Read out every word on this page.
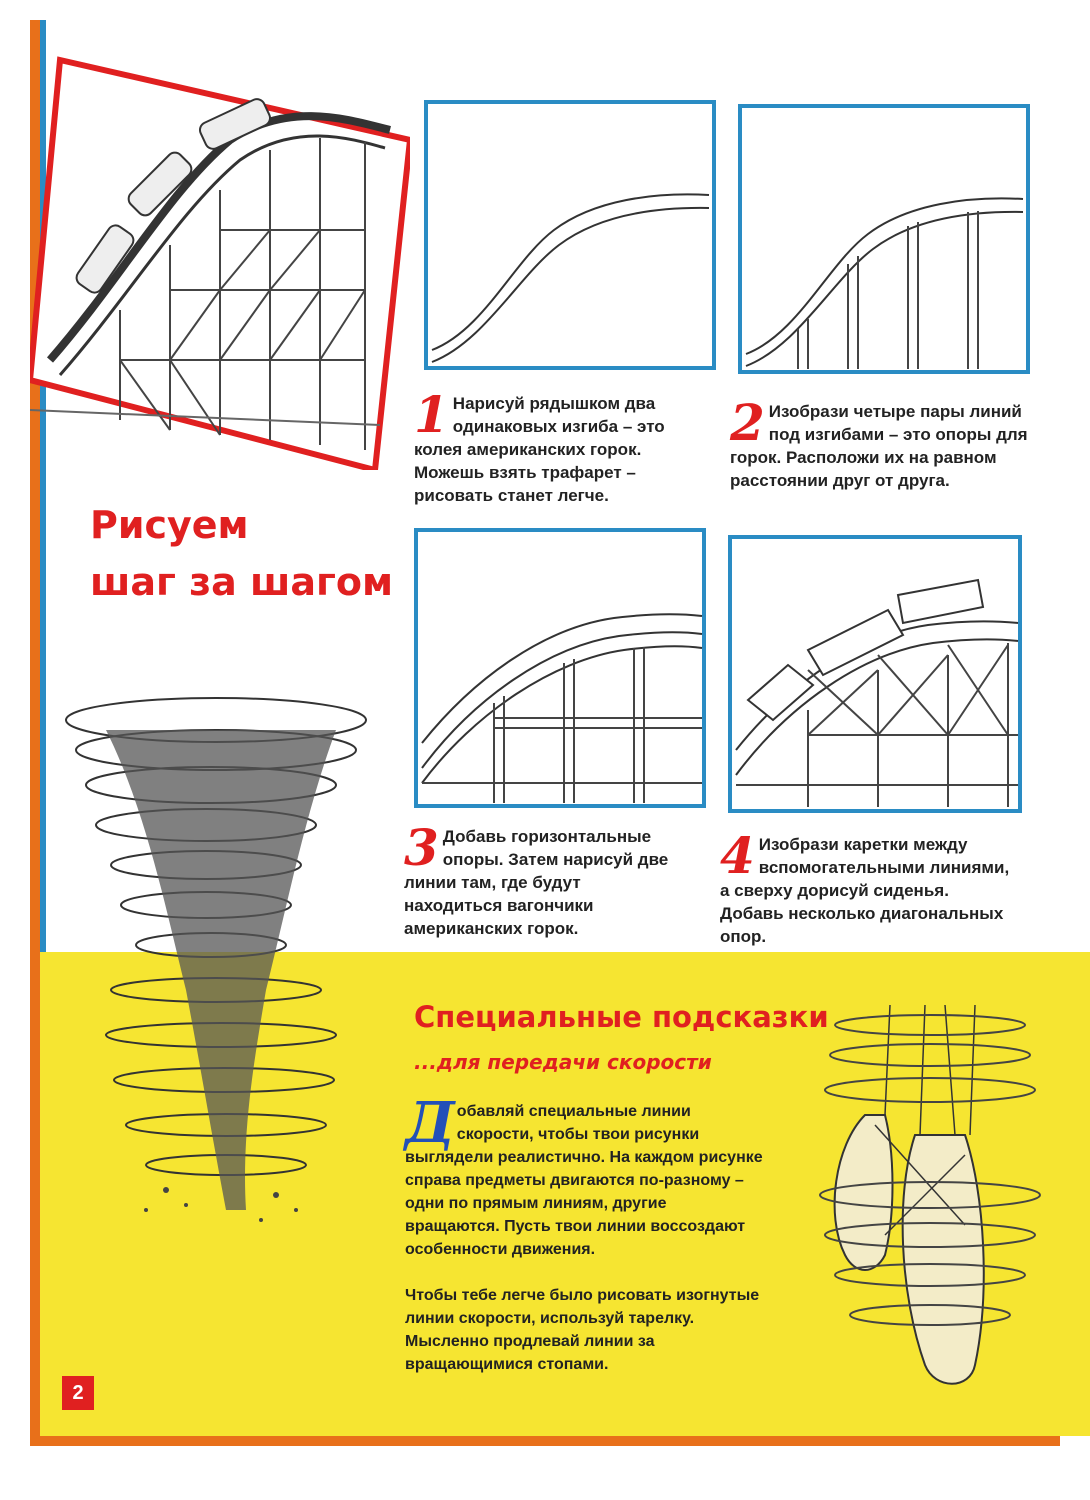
1 Нарисуй рядышком два одинаковых изгиба – это колея американских горок. Можешь взять трафарет – рисовать станет легче.
2 Изобрази четыре пары линий под изгибами – это опоры для горок. Расположи их на равном расстоянии друг от друга.
3 Добавь горизонтальные опоры. Затем нарисуй две линии там, где будут находиться вагончики американских горок.
4 Изобрази каретки между вспомогательными линиями, а сверху дорисуй сиденья. Добавь несколько диагональных опор.
Рисуем
шаг за шагом
Специальные подсказки
...для передачи скорости
Д обавляй специальные линии скорости, чтобы твои рисунки выглядели реалистично. На каждом рисунке справа предметы двигаются по-разному – одни по прямым линиям, другие вращаются. Пусть твои линии воссоздают особенности движения.
Чтобы тебе легче было рисовать изогнутые линии скорости, используй тарелку. Мысленно продлевай линии за вращающимися стопами.
2
